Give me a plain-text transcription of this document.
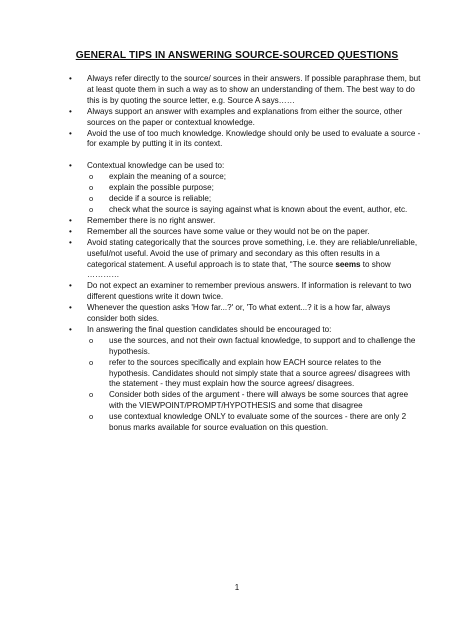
GENERAL TIPS IN ANSWERING SOURCE-SOURCED QUESTIONS
• Always refer directly to the source/ sources in their answers. If possible paraphrase them, but at least quote them in such a way as to show an understanding of them. The best way to do this is by quoting the source letter, e.g. Source A says……
• Always support an answer with examples and explanations from either the source, other sources on the paper or contextual knowledge.
• Avoid the use of too much knowledge. Knowledge should only be used to evaluate a source - for example by putting it in its context.
• Contextual knowledge can be used to:
o explain the meaning of a source;
o explain the possible purpose;
o decide if a source is reliable;
o check what the source is saying against what is known about the event, author, etc.
• Remember there is no right answer.
• Remember all the sources have some value or they would not be on the paper.
• Avoid stating categorically that the sources prove something, i.e. they are reliable/unreliable, useful/not useful. Avoid the use of primary and secondary as this often results in a categorical statement. A useful approach is to state that, “The source seems to show …………
• Do not expect an examiner to remember previous answers. If information is relevant to two different questions write it down twice.
• Whenever the question asks 'How far...?' or, 'To what extent...? it is a how far, always consider both sides.
• In answering the final question candidates should be encouraged to:
o use the sources, and not their own factual knowledge, to support and to challenge the hypothesis.
o refer to the sources specifically and explain how EACH source relates to the hypothesis. Candidates should not simply state that a source agrees/ disagrees with the statement - they must explain how the source agrees/ disagrees.
o Consider both sides of the argument - there will always be some sources that agree with the VIEWPOINT/PROMPT/HYPOTHESIS and some that disagree
o use contextual knowledge ONLY to evaluate some of the sources - there are only 2 bonus marks available for source evaluation on this question.
1
